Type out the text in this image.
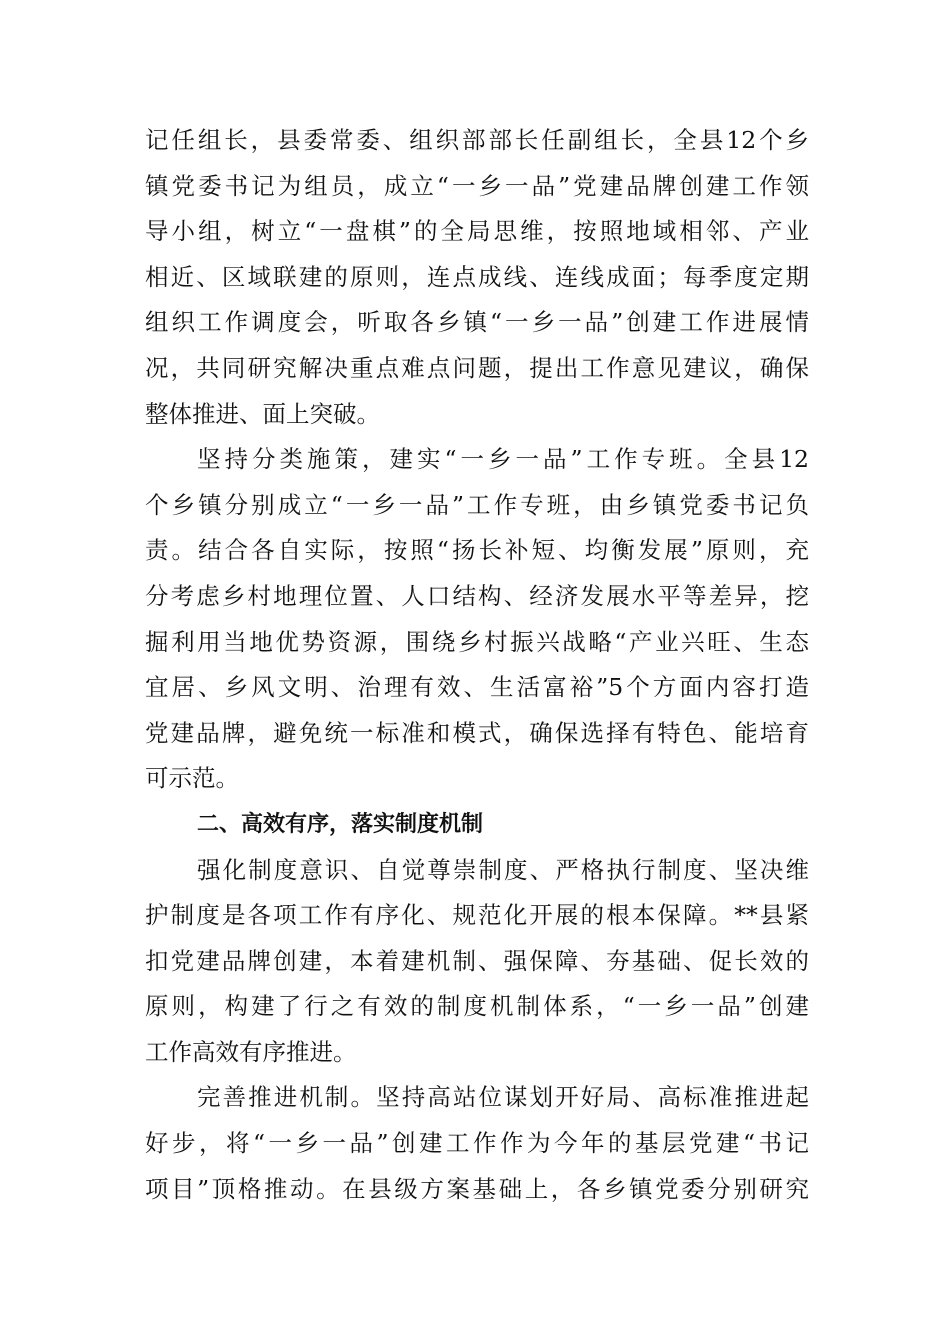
记任组长，县委常委、组织部部长任副组长，全县12个乡
镇党委书记为组员，成立“一乡一品”党建品牌创建工作领
导小组，树立“一盘棋”的全局思维，按照地域相邻、产业
相近、区域联建的原则，连点成线、连线成面；每季度定期
组织工作调度会，听取各乡镇“一乡一品”创建工作进展情
况，共同研究解决重点难点问题，提出工作意见建议，确保
整体推进、面上突破。
坚持分类施策，建实“一乡一品”工作专班。全县12
个乡镇分别成立“一乡一品”工作专班，由乡镇党委书记负
责。结合各自实际，按照“扬长补短、均衡发展”原则，充
分考虑乡村地理位置、人口结构、经济发展水平等差异，挖
掘利用当地优势资源，围绕乡村振兴战略“产业兴旺、生态
宜居、乡风文明、治理有效、生活富裕”5个方面内容打造
党建品牌，避免统一标准和模式，确保选择有特色、能培育
可示范。
二、高效有序，落实制度机制
强化制度意识、自觉尊崇制度、严格执行制度、坚决维
护制度是各项工作有序化、规范化开展的根本保障。**县紧
扣党建品牌创建，本着建机制、强保障、夯基础、促长效的
原则，构建了行之有效的制度机制体系，“一乡一品”创建
工作高效有序推进。
完善推进机制。坚持高站位谋划开好局、高标准推进起
好步，将“一乡一品”创建工作作为今年的基层党建“书记
项目”顶格推动。在县级方案基础上，各乡镇党委分别研究
